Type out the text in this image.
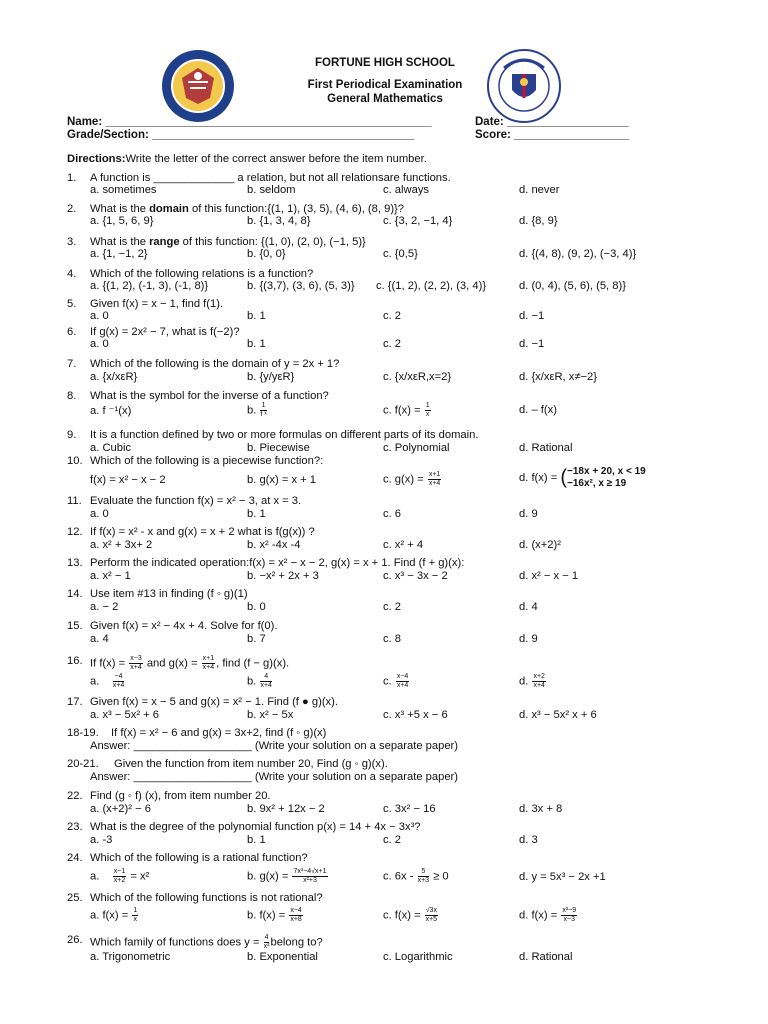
FORTUNE HIGH SCHOOL
First Periodical Examination
General Mathematics
Name: ___________________________________________________	Date: ___________________
Grade/Section: _________________________________________	Score: __________________
Directions:Write the letter of the correct answer before the item number.
1. A function is _____________ a relation, but not all relationsare functions.
a. sometimes	b. seldom	c. always	d. never
2. What is the domain of this function:{(1, 1), (3, 5), (4, 6), (8, 9)}?
a. {1, 5, 6, 9}	b. {1, 3, 4, 8}	c. {3, 2, −1, 4}	d. {8, 9}
3. What is the range of this function: {(1, 0), (2, 0), (−1, 5)}
a. {1, −1, 2}	b. {0, 0}	c. {0,5}	d. {(4, 8), (9, 2), (−3, 4)}
4. Which of the following relations is a function?
a. {(1, 2), (-1, 3), (-1, 8)}	b. {(3,7), (3, 6), (5, 3)} c. {(1, 2), (2, 2), (3, 4)}	d. (0, 4), (5, 6), (5, 8)}
5. Given f(x) = x − 1, find f(1).
a. 0	b. 1	c. 2	d. −1
6. If g(x) = 2x² − 7, what is f(−2)?
a. 0	b. 1	c. 2	d. −1
7. Which of the following is the domain of y = 2x + 1?
a. {x/xεR}	b. {y/yεR}	c. {x/xεR,x=2}	d. {x/xεR, x≠−2}
8. What is the symbol for the inverse of a function?
a. f ⁻¹(x)	b. $\frac{1}{\text{f ˣ}}$	c. $f(x) = \frac{1}{x}$	d. – f(x)
9. It is a function defined by two or more formulas on different parts of its domain.
a. Cubic	b. Piecewise	c. Polynomial	d. Rational
10. Which of the following is a piecewise function?:
f(x) = x² − x − 2	b. g(x) = x + 1	c. $g(x) = \frac{x+1}{x+4}$	d. f(x) = ( −18x + 20, x < 19
−16x², x ≥ 19
11. Evaluate the function f(x) = x² − 3, at x = 3.
a. 0	b. 1	c. 6	d. 9
12. If f(x) = x² - x and g(x) = x + 2 what is f(g(x)) ?
a. x² + 3x+ 2	b. x² -4x -4	c. x² + 4	d. (x+2)²
13. Perform the indicated operation:f(x) = x² − x − 2, g(x) = x + 1. Find (f + g)(x):
a. x² − 1	b. −x² + 2x + 3	c. x³ − 3x − 2	d. x² − x − 1
14. Use item #13 in finding (f ◦ g)(1)
a. − 2	b. 0	c. 2	d. 4
15. Given f(x) = x² − 4x + 4. Solve for f(0).
a. 4	b. 7	c. 8	d. 9
16. If $f(x) = \frac{x-3}{x+4}$ and $g(x) = \frac{x+1}{x+4}$ , find (f − g)(x).
a. $\frac{-4}{x+4}$	b. $\frac{4}{x+4}$	c. $\frac{x-4}{x+4}$	d. $\frac{x+2}{x+4}$
17. Given f(x) = x − 5 and g(x) = x² − 1. Find (f ● g)(x).
a. x³ − 5x² + 6	b. x² − 5x	c. x³ +5 x − 6	d. x³ − 5x² x + 6
18-19. If f(x) = x² − 6 and g(x) = 3x+2, find (f ◦ g)(x)
Answer: ___________________ (Write your solution on a separate paper)
20-21. Given the function from item number 20, Find (g ◦ g)(x).
Answer: ___________________ (Write your solution on a separate paper)
22. Find (g ◦ f) (x), from item number 20.
a. (x+2)² − 6	b. 9x² + 12x − 2	c. 3x² − 16	d. 3x + 8
23. What is the degree of the polynomial function p(x) = 14 + 4x − 3x³?
a. -3	b. 1	c. 2	d. 3
24. Which of the following is a rational function?
a. $\frac{x-1}{x+2} = x^2$	b. $g(x) = \frac{\text{7x³−4√x+1}}{\text{x²+3}}$	c. $6x - \frac{5}{x+3} \ge 0$	d. y = 5x³ − 2x +1
25. Which of the following functions is not rational?
a. $f(x) = \frac{1}{x}$	b. $f(x) = \frac{x-4}{x+8}$	c. $f(x) = \frac{√3x}{x+5}$	d. $f(x) = \frac{\text{x²−9}}{x-3}$
26. Which family of functions does $y = \frac{4}{\text{x²}}$ belong to?
a. Trigonometric	b. Exponential	c. Logarithmic	d. Rational
